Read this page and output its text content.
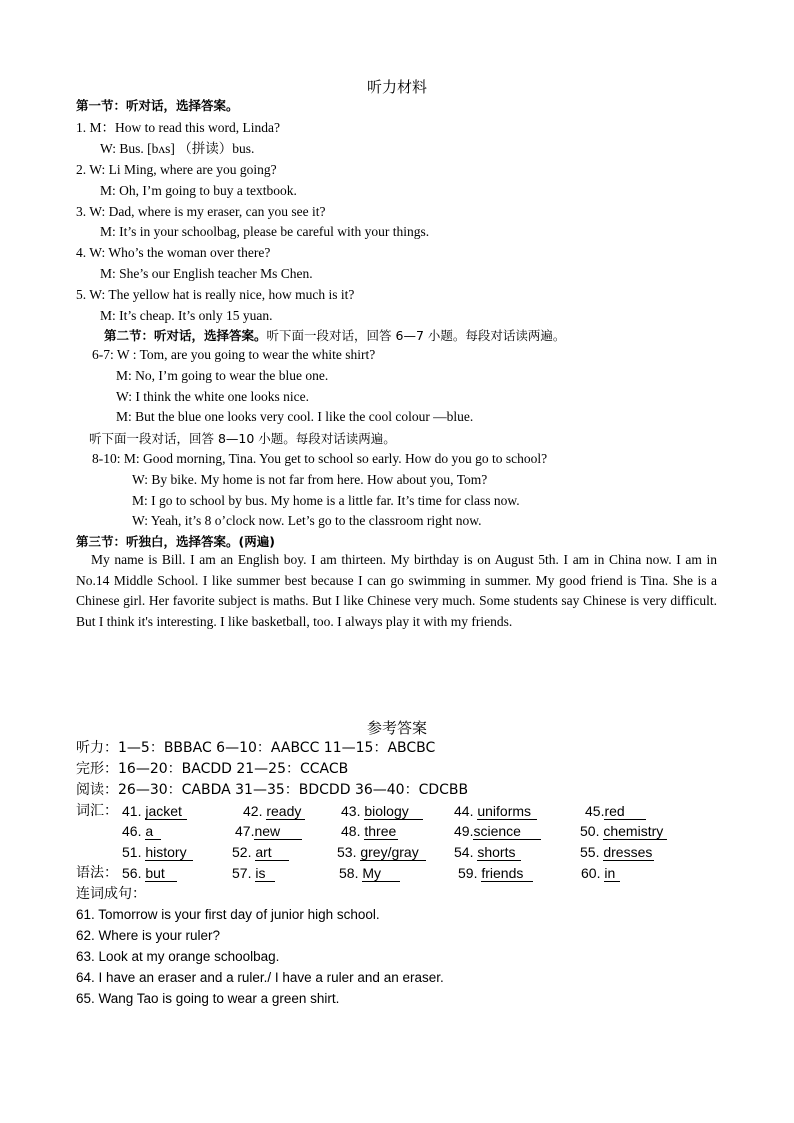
听力材料
第一节：听对话，选择答案。
1. M：How to read this word, Linda?
W: Bus. [bʌs] （拼读）bus.
2. W: Li Ming, where are you going?
M: Oh, I’m going to buy a textbook.
3. W: Dad, where is my eraser, can you see it?
M: It’s in your schoolbag, please be careful with your things.
4. W: Who’s the woman over there?
M: She’s our English teacher Ms Chen.
5. W: The yellow hat is really nice, how much is it?
M: It’s cheap. It’s only 15 yuan.
第二节：听对话，选择答案。听下面一段对话，回答 6—7 小题。每段对话读两遍。
6-7: W : Tom, are you going to wear the white shirt?
M: No, I’m going to wear the blue one.
W: I think the white one looks nice.
M: But the blue one looks very cool. I like the cool colour —blue.
听下面一段对话，回答 8—10 小题。每段对话读两遍。
8-10: M: Good morning, Tina. You get to school so early. How do you go to school?
W: By bike. My home is not far from here. How about you, Tom?
M: I go to school by bus. My home is a little far. It’s time for class now.
W: Yeah, it’s 8 o’clock now. Let’s go to the classroom right now.
第三节：听独白，选择答案。(两遍)
My name is Bill. I am an English boy. I am thirteen. My birthday is on August 5th. I am in China now. I am in No.14 Middle School. I like summer best because I can go swimming in summer. My good friend is Tina. She is a Chinese girl. Her favorite subject is maths. But I like Chinese very much. Some students say Chinese is very difficult. But I think it's interesting. I like basketball, too. I always play it with my friends.
参考答案
听力：1—5：BBBAC 6—10：AABCC 11—15：ABCBC
完形：16—20：BACDD 21—25：CCACB
阅读：26—30：CABDA 31—35：BDCDD 36—40：CDCBB
词汇： 41. jacket	42. ready	43. biology	44. uniforms	45.red
46. a	47.new	48. three	49.science	50. chemistry
51. history	52. art	53. grey/gray	54. shorts	55. dresses
语法： 56. but	57. is	58. My	59. friends	60. in
连词成句：
61. Tomorrow is your first day of junior high school.
62. Where is your ruler?
63. Look at my orange schoolbag.
64. I have an eraser and a ruler./ I have a ruler and an eraser.
65. Wang Tao is going to wear a green shirt.
